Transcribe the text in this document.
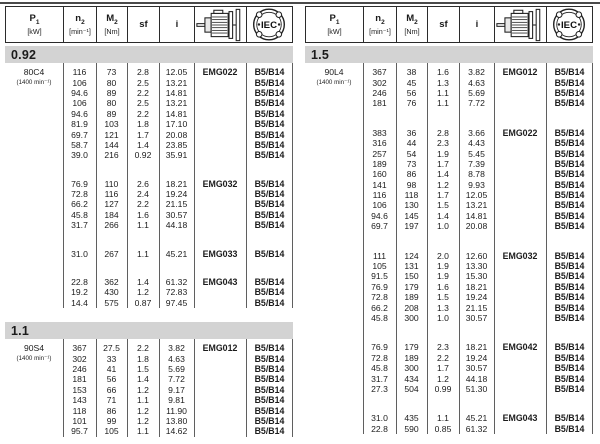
$P_1$
[kW]
$n_2$
[min⁻¹]
$M_2$
[Nm]
sf	i	IEC
0.92
80C4	116	73	2.8	12.05	EMG022	B5/B14
(1400 min⁻¹)	106	80	2.5	13.21	B5/B14
94.6	89	2.2	14.81	B5/B14
106	80	2.5	13.21	B5/B14
94.6	89	2.2	14.81	B5/B14
81.9	103	1.8	17.10	B5/B14
69.7	121	1.7	20.08	B5/B14
58.7	144	1.4	23.85	B5/B14
39.0	216	0.92	35.91	B5/B14
76.9	110	2.6	18.21	EMG032	B5/B14
72.8	116	2.4	19.24	B5/B14
66.2	127	2.2	21.15	B5/B14
45.8	184	1.6	30.57	B5/B14
31.7	266	1.1	44.18	B5/B14
31.0	267	1.1	45.21	EMG033	B5/B14
22.8	362	1.4	61.32	EMG043	B5/B14
19.2	430	1.2	72.83	B5/B14
14.4	575	0.87	97.45	B5/B14
1.1
90S4	367	27.5	2.2	3.82	EMG012	B5/B14
(1400 min⁻¹)	302	33	1.8	4.63	B5/B14
246	41	1.5	5.69	B5/B14
181	56	1.4	7.72	B5/B14
153	66	1.2	9.17	B5/B14
143	71	1.1	9.81	B5/B14
118	86	1.2	11.90	B5/B14
101	99	1.2	13.80	B5/B14
95.7	105	1.1	14.62	B5/B14
$P_1$
[kW]
$n_2$
[min⁻¹]
$M_2$
[Nm]
sf	i	IEC
1.5
90L4	367	38	1.6	3.82	EMG012	B5/B14
(1400 min⁻¹)	302	45	1.3	4.63	B5/B14
246	56	1.1	5.69	B5/B14
181	76	1.1	7.72	B5/B14
383	36	2.8	3.66	EMG022	B5/B14
316	44	2.3	4.43	B5/B14
257	54	1.9	5.45	B5/B14
189	73	1.7	7.39	B5/B14
160	86	1.4	8.78	B5/B14
141	98	1.2	9.93	B5/B14
116	118	1.7	12.05	B5/B14
106	130	1.5	13.21	B5/B14
94.6	145	1.4	14.81	B5/B14
69.7	197	1.0	20.08	B5/B14
111	124	2.0	12.60	EMG032	B5/B14
105	131	1.9	13.30	B5/B14
91.5	150	1.9	15.30	B5/B14
76.9	179	1.6	18.21	B5/B14
72.8	189	1.5	19.24	B5/B14
66.2	208	1.3	21.15	B5/B14
45.8	300	1.0	30.57	B5/B14
76.9	179	2.3	18.21	EMG042	B5/B14
72.8	189	2.2	19.24	B5/B14
45.8	300	1.7	30.57	B5/B14
31.7	434	1.2	44.18	B5/B14
27.3	504	0.99	51.30	B5/B14
31.0	435	1.1	45.21	EMG043	B5/B14
22.8	590	0.85	61.32	B5/B14
